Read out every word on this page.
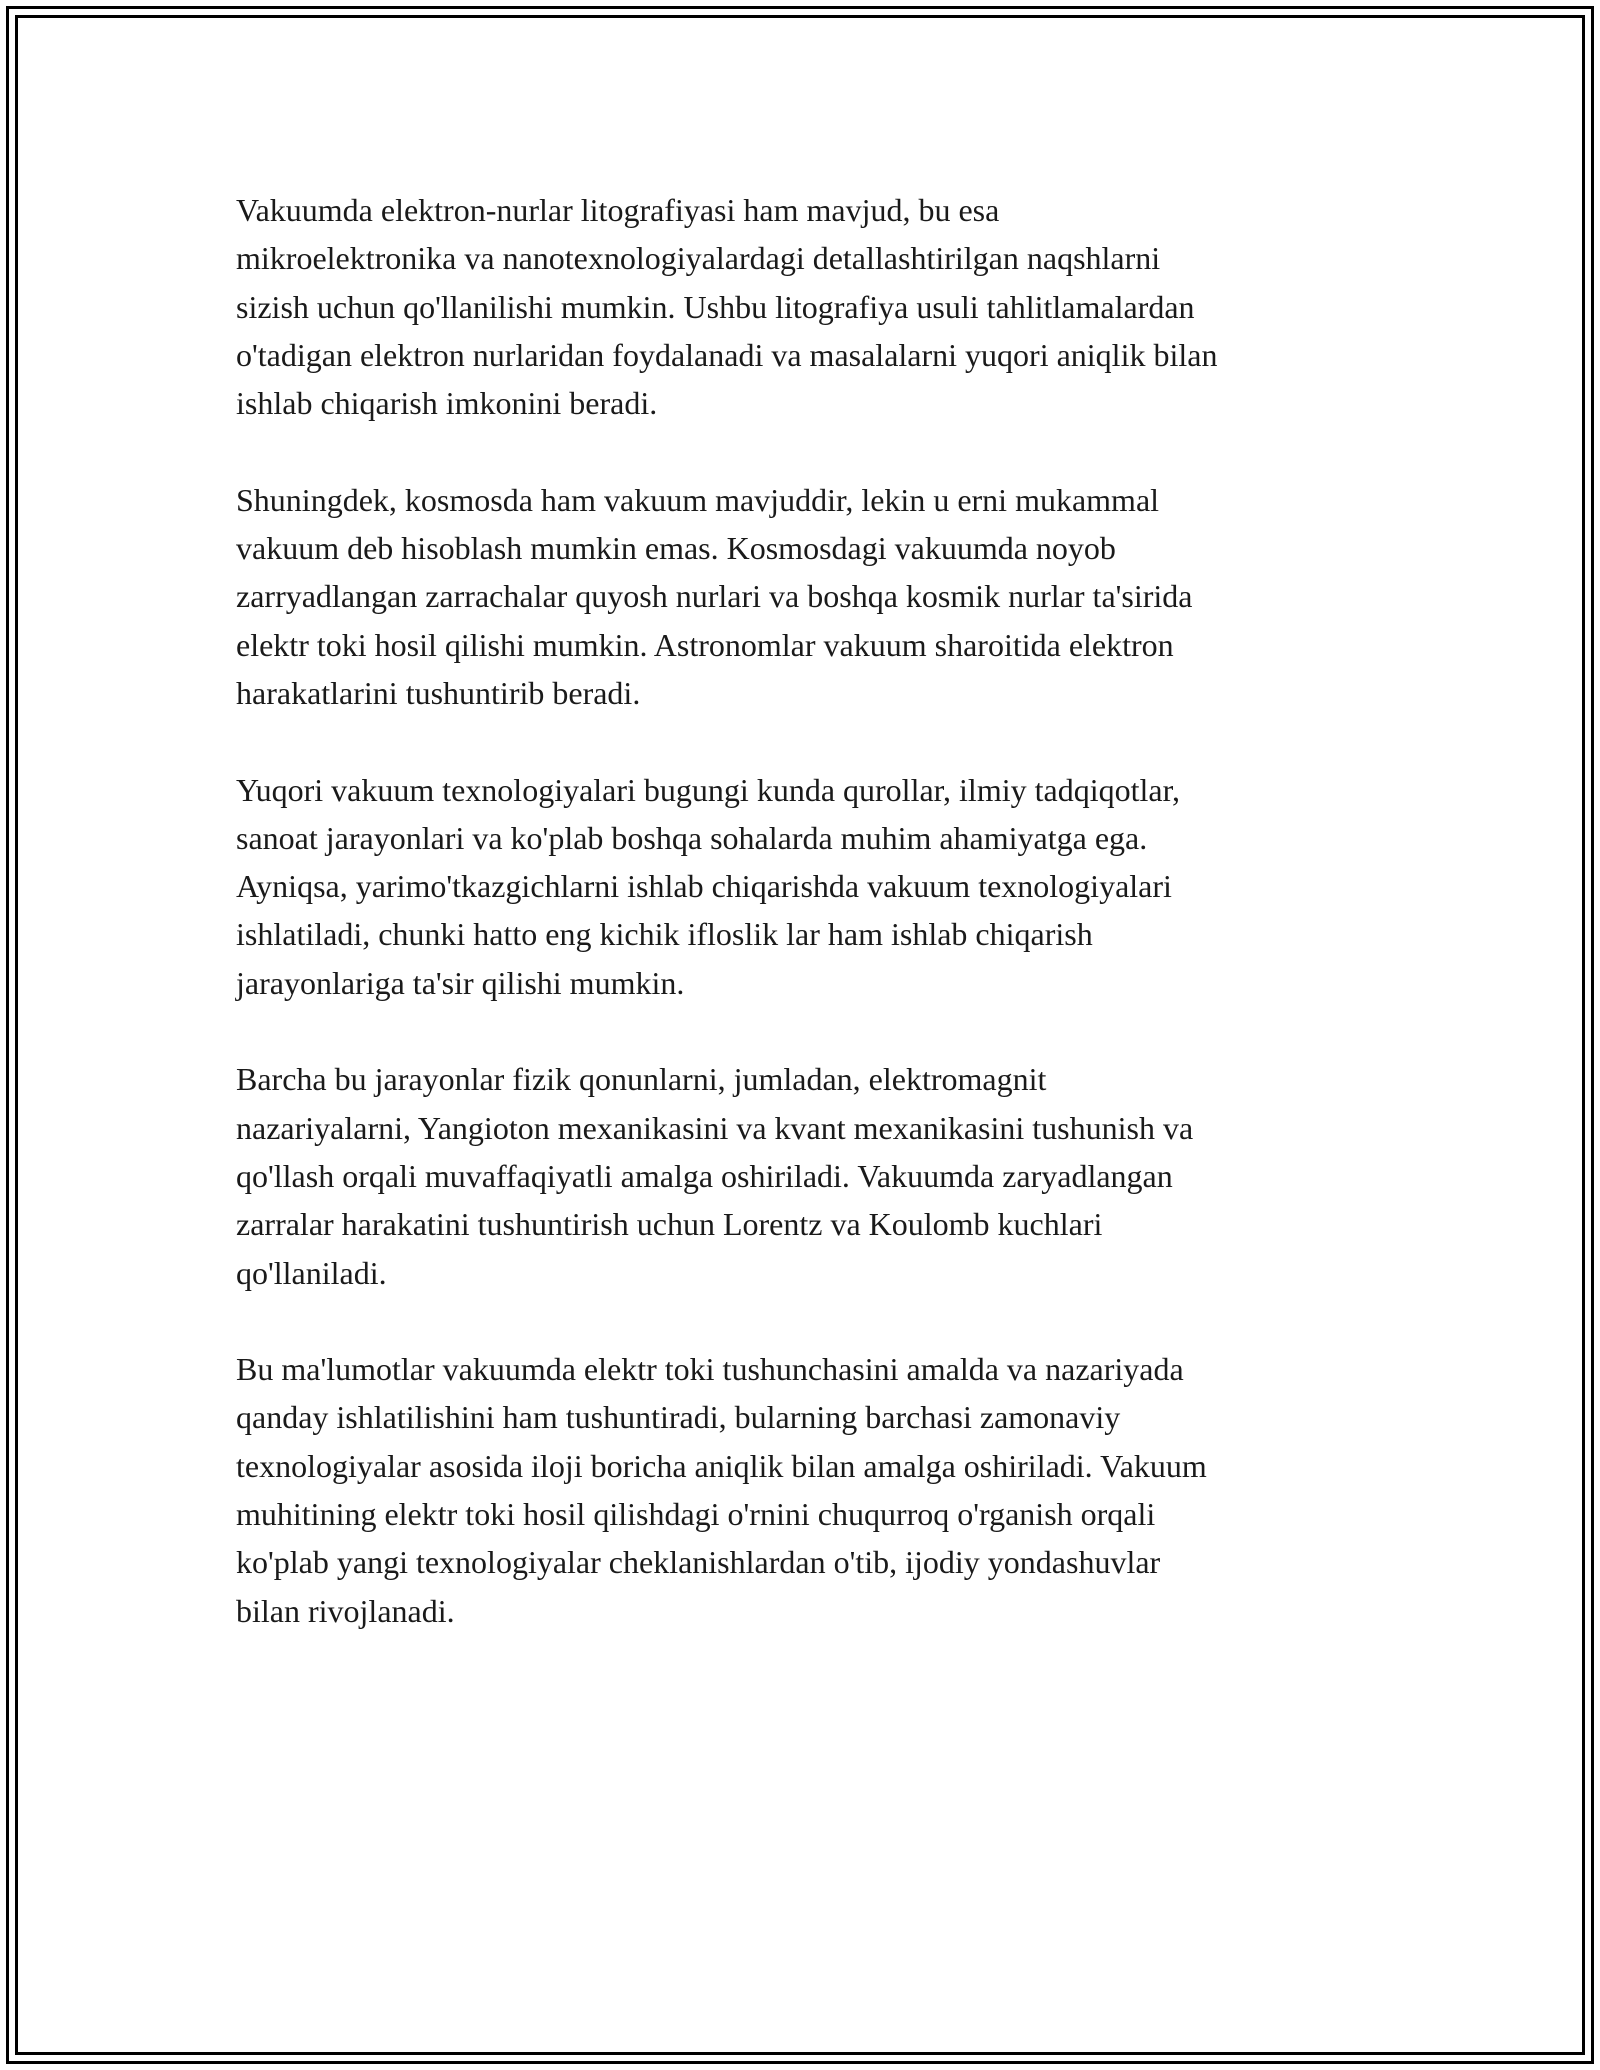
Vakuumda elektron-nurlar litografiyasi ham mavjud, bu esa
mikroelektronika va nanotexnologiyalardagi detallashtirilgan naqshlarni
sizish uchun qo'llanilishi mumkin. Ushbu litografiya usuli tahlitlamalardan
o'tadigan elektron nurlaridan foydalanadi va masalalarni yuqori aniqlik bilan
ishlab chiqarish imkonini beradi.

Shuningdek, kosmosda ham vakuum mavjuddir, lekin u erni mukammal
vakuum deb hisoblash mumkin emas. Kosmosdagi vakuumda noyob
zarryadlangan zarrachalar quyosh nurlari va boshqa kosmik nurlar ta'sirida
elektr toki hosil qilishi mumkin. Astronomlar vakuum sharoitida elektron
harakatlarini tushuntirib beradi.

Yuqori vakuum texnologiyalari bugungi kunda qurollar, ilmiy tadqiqotlar,
sanoat jarayonlari va ko'plab boshqa sohalarda muhim ahamiyatga ega.
Ayniqsa, yarimo'tkazgichlarni ishlab chiqarishda vakuum texnologiyalari
ishlatiladi, chunki hatto eng kichik ifloslik lar ham ishlab chiqarish
jarayonlariga ta'sir qilishi mumkin.

Barcha bu jarayonlar fizik qonunlarni, jumladan, elektromagnit
nazariyalarni, Yangioton mexanikasini va kvant mexanikasini tushunish va
qo'llash orqali muvaffaqiyatli amalga oshiriladi. Vakuumda zaryadlangan
zarralar harakatini tushuntirish uchun Lorentz va Koulomb kuchlari
qo'llaniladi.

Bu ma'lumotlar vakuumda elektr toki tushunchasini amalda va nazariyada
qanday ishlatilishini ham tushuntiradi, bularning barchasi zamonaviy
texnologiyalar asosida iloji boricha aniqlik bilan amalga oshiriladi. Vakuum
muhitining elektr toki hosil qilishdagi o'rnini chuqurroq o'rganish orqali
ko'plab yangi texnologiyalar cheklanishlardan o'tib, ijodiy yondashuvlar
bilan rivojlanadi.
